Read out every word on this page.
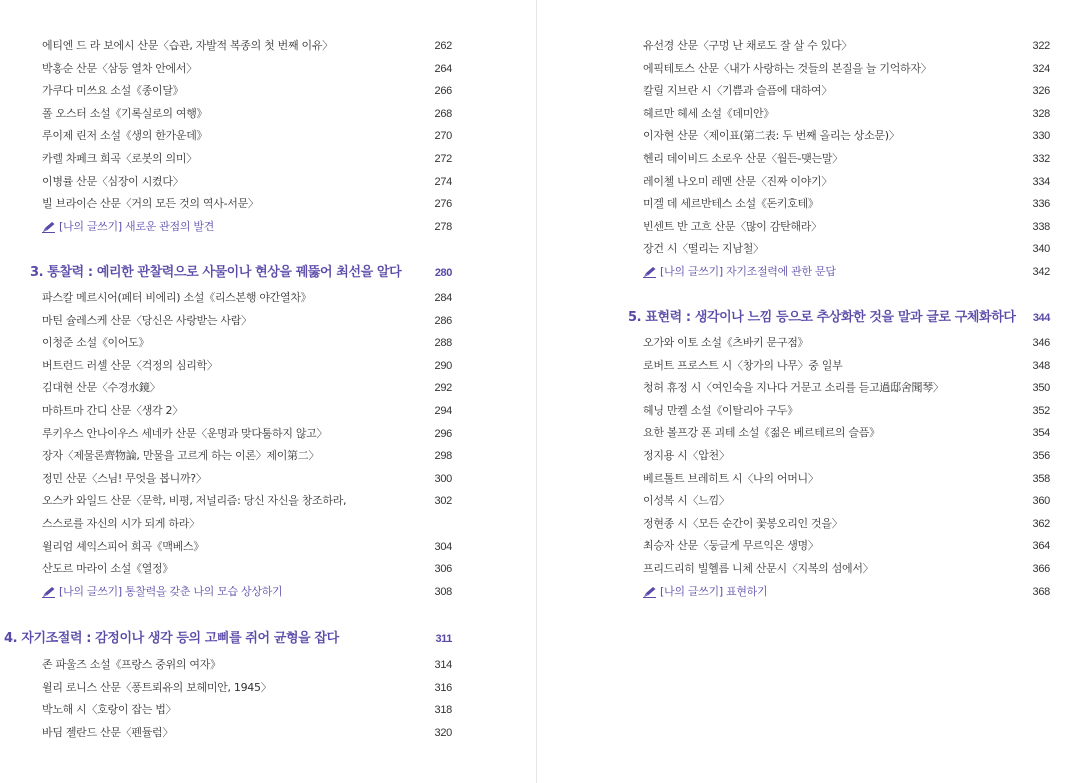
에티엔 드 라 보에시 산문〈습관, 자발적 복종의 첫 번째 이유〉	262
박홍순 산문〈삼등 열차 안에서〉	264
가쿠다 미쓰요 소설《종이달》	266
폴 오스터 소설《기록실로의 여행》	268
루이제 린저 소설《생의 한가운데》	270
카렐 차페크 희곡〈로봇의 의미〉	272
이병률 산문〈심장이 시켰다〉	274
빌 브라이슨 산문〈거의 모든 것의 역사-서문〉	276
[나의 글쓰기] 새로운 관점의 발견	278
3. 통찰력 : 예리한 관찰력으로 사물이나 현상을 꿰뚫어 최선을 알다	280
파스칼 메르시어(페터 비에리) 소설《리스본행 야간열차》	284
마틴 슐레스케 산문〈당신은 사랑받는 사람〉	286
이청준 소설《이어도》	288
버트런드 러셀 산문〈걱정의 심리학〉	290
김대현 산문〈수경水鏡〉	292
마하트마 간디 산문〈생각 2〉	294
루키우스 안나이우스 세네카 산문〈운명과 맞다툼하지 않고〉	296
장자〈제물론齊物論, 만물을 고르게 하는 이론〉제이第二〉	298
정민 산문〈스님! 무엇을 봅니까?〉	300
오스카 와일드 산문〈문학, 비평, 저널리즘: 당신 자신을 창조하라,	302
스스로를 자신의 시가 되게 하라〉
윌리엄 셰익스피어 희곡《맥베스》	304
산도르 마라이 소설《열정》	306
[나의 글쓰기] 통찰력을 갖춘 나의 모습 상상하기	308
4. 자기조절력 : 감정이나 생각 등의 고삐를 쥐어 균형을 잡다	311
존 파울즈 소설《프랑스 중위의 여자》	314
윌리 로니스 산문〈퐁트뢰유의 보헤미안, 1945〉	316
박노해 시〈호랑이 잡는 법〉	318
바딤 젤란드 산문〈펜듈럼〉	320
유선경 산문〈구멍 난 채로도 잘 살 수 있다〉	322
에픽테토스 산문〈내가 사랑하는 것들의 본질을 늘 기억하자〉	324
칼릴 지브란 시〈기쁨과 슬픔에 대하여〉	326
헤르만 헤세 소설《데미안》	328
이자현 산문〈제이표(第二表: 두 번째 올리는 상소문)〉	330
헨리 데이비드 소로우 산문〈월든-맺는말〉	332
레이첼 나오미 레멘 산문〈진짜 이야기〉	334
미겔 데 세르반테스 소설《돈키호테》	336
빈센트 반 고흐 산문〈많이 감탄해라〉	338
장건 시〈떨리는 지남철〉	340
[나의 글쓰기] 자기조절력에 관한 문답	342
5. 표현력 : 생각이나 느낌 등으로 추상화한 것을 말과 글로 구체화하다 344
오가와 이토 소설《츠바키 문구점》	346
로버트 프로스트 시〈창가의 나무〉중 일부	348
청허 휴정 시〈여인숙을 지나다 거문고 소리를 듣고過邸舍聞琴〉	350
헤닝 만켈 소설《이탈리아 구두》	352
요한 볼프강 폰 괴테 소설《젊은 베르테르의 슬픔》	354
정지용 시〈압천〉	356
베르톨트 브레히트 시〈나의 어머니〉	358
이성복 시〈느낌〉	360
정현종 시〈모든 순간이 꽃봉오리인 것을〉	362
최승자 산문〈둥글게 무르익은 생명〉	364
프리드리히 빌헬름 니체 산문시〈지복의 섬에서〉	366
[나의 글쓰기] 표현하기	368
